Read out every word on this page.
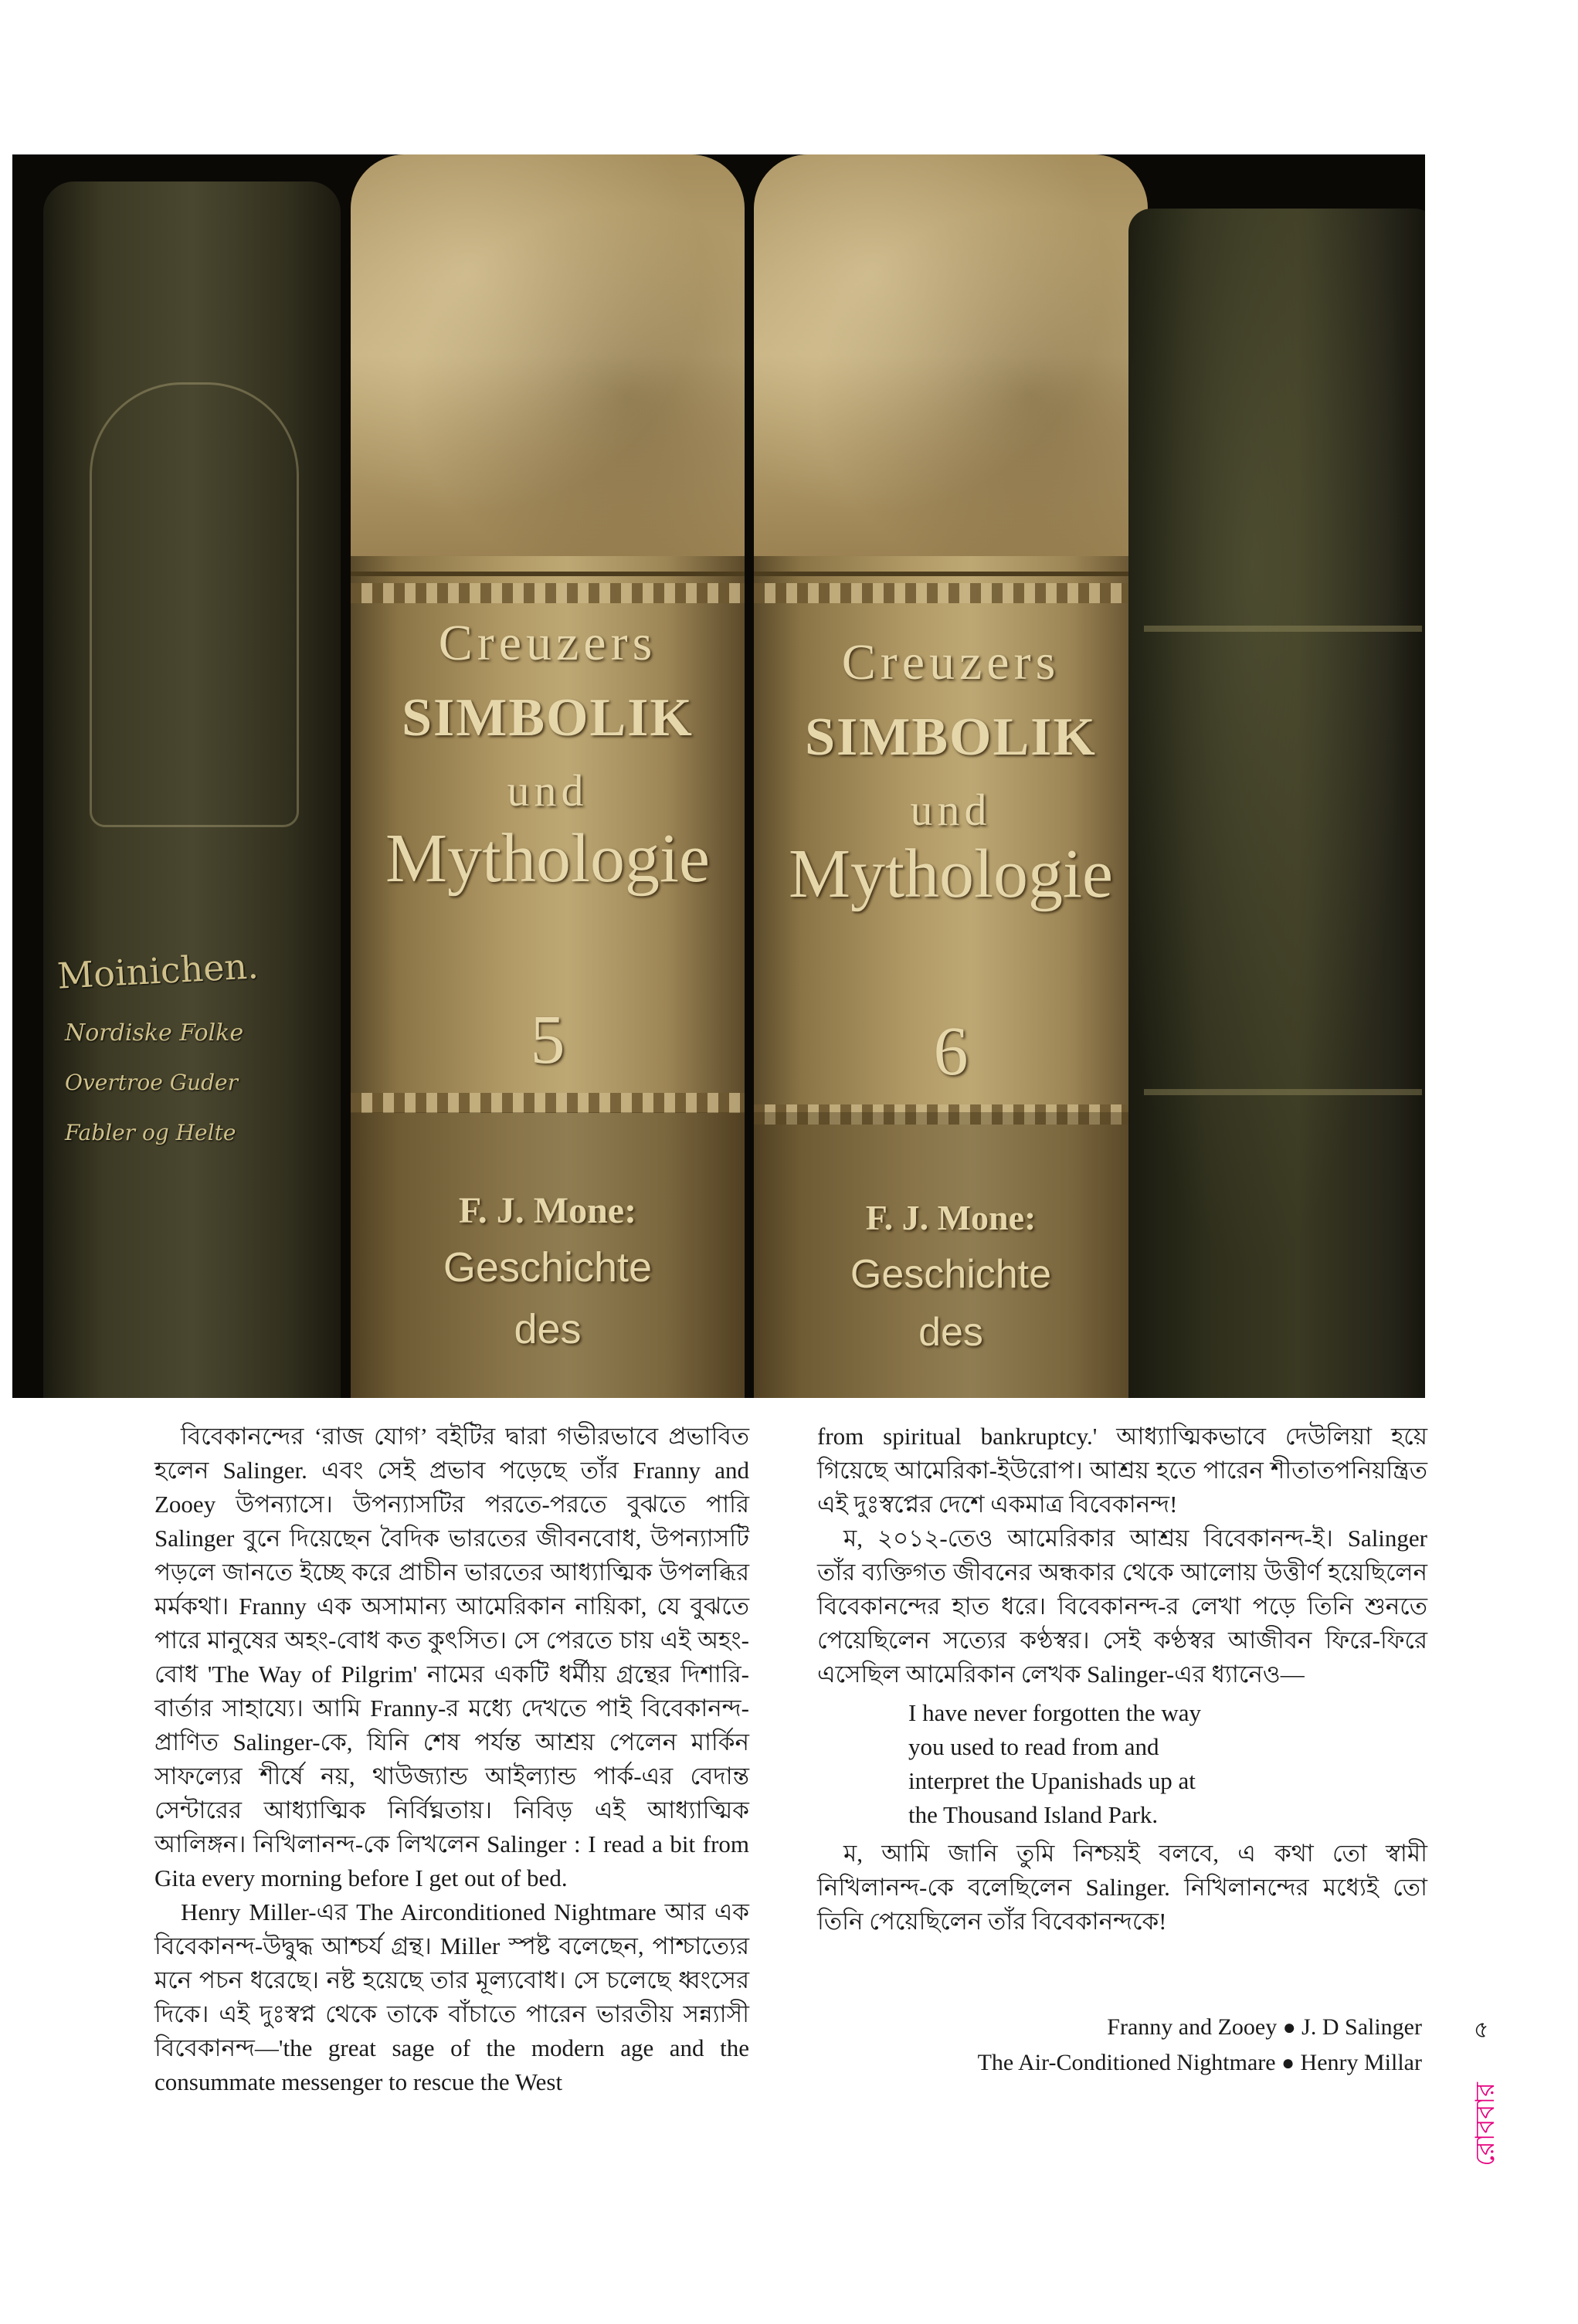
Moinichen.
Nordiske Folke
Overtroe Guder
Fabler og Helte
Creuzers
SIMBOLIK
und
Mythologie
5
F. J. Mone:
Geschichte
des
Creuzers
SIMBOLIK
und
Mythologie
6
F. J. Mone:
Geschichte
des

বিবেকানন্দের ‘রাজ যোগ’ বইটির দ্বারা গভীরভাবে প্রভাবিত হলেন Salinger. এবং সেই প্রভাব পড়েছে তাঁর Franny and Zooey উপন্যাসে। উপন্যাসটির পরতে-পরতে বুঝতে পারি Salinger বুনে দিয়েছেন বৈদিক ভারতের জীবনবোধ, উপন্যাসটি পড়লে জানতে ইচ্ছে করে প্রাচীন ভারতের আধ্যাত্মিক উপলব্ধির মর্মকথা। Franny এক অসামান্য আমেরিকান নায়িকা, যে বুঝতে পারে মানুষের অহং-বোধ কত কুৎসিত। সে পেরতে চায় এই অহং-বোধ 'The Way of Pilgrim' নামের একটি ধর্মীয় গ্রন্থের দিশারি-বার্তার সাহায্যে। আমি Franny-র মধ্যে দেখতে পাই বিবেকানন্দ-প্রাণিত Salinger-কে, যিনি শেষ পর্যন্ত আশ্রয় পেলেন মার্কিন সাফল্যের শীর্ষে নয়, থাউজ্যান্ড আইল্যান্ড পার্ক-এর বেদান্ত সেন্টারের আধ্যাত্মিক নির্বিঘ্নতায়। নিবিড় এই আধ্যাত্মিক আলিঙ্গন। নিখিলানন্দ-কে লিখলেন Salinger : I read a bit from Gita every morning before I get out of bed.

Henry Miller-এর The Airconditioned Nightmare আর এক বিবেকানন্দ-উদ্বুদ্ধ আশ্চর্য গ্রন্থ। Miller স্পষ্ট বলেছেন, পাশ্চাত্যের মনে পচন ধরেছে। নষ্ট হয়েছে তার মূল্যবোধ। সে চলেছে ধ্বংসের দিকে। এই দুঃস্বপ্ন থেকে তাকে বাঁচাতে পারেন ভারতীয় সন্ন্যাসী বিবেকানন্দ—'the great sage of the modern age and the consummate messenger to rescue the West

from spiritual bankruptcy.' আধ্যাত্মিকভাবে দেউলিয়া হয়ে গিয়েছে আমেরিকা-ইউরোপ। আশ্রয় হতে পারেন শীতাতপনিয়ন্ত্রিত এই দুঃস্বপ্নের দেশে একমাত্র বিবেকানন্দ!

ম, ২০১২-তেও আমেরিকার আশ্রয় বিবেকানন্দ-ই। Salinger তাঁর ব্যক্তিগত জীবনের অন্ধকার থেকে আলোয় উত্তীর্ণ হয়েছিলেন বিবেকানন্দের হাত ধরে। বিবেকানন্দ-র লেখা পড়ে তিনি শুনতে পেয়েছিলেন সত্যের কণ্ঠস্বর। সেই কণ্ঠস্বর আজীবন ফিরে-ফিরে এসেছিল আমেরিকান লেখক Salinger-এর ধ্যানেও—

I have never forgotten the way
you used to read from and
interpret the Upanishads up at
the Thousand Island Park.

ম, আমি জানি তুমি নিশ্চয়ই বলবে, এ কথা তো স্বামী নিখিলানন্দ-কে বলেছিলেন Salinger. নিখিলানন্দের মধ্যেই তো তিনি পেয়েছিলেন তাঁর বিবেকানন্দকে!

Franny and Zooey ● J. D Salinger
The Air-Conditioned Nightmare ● Henry Millar
৫
রোববার
